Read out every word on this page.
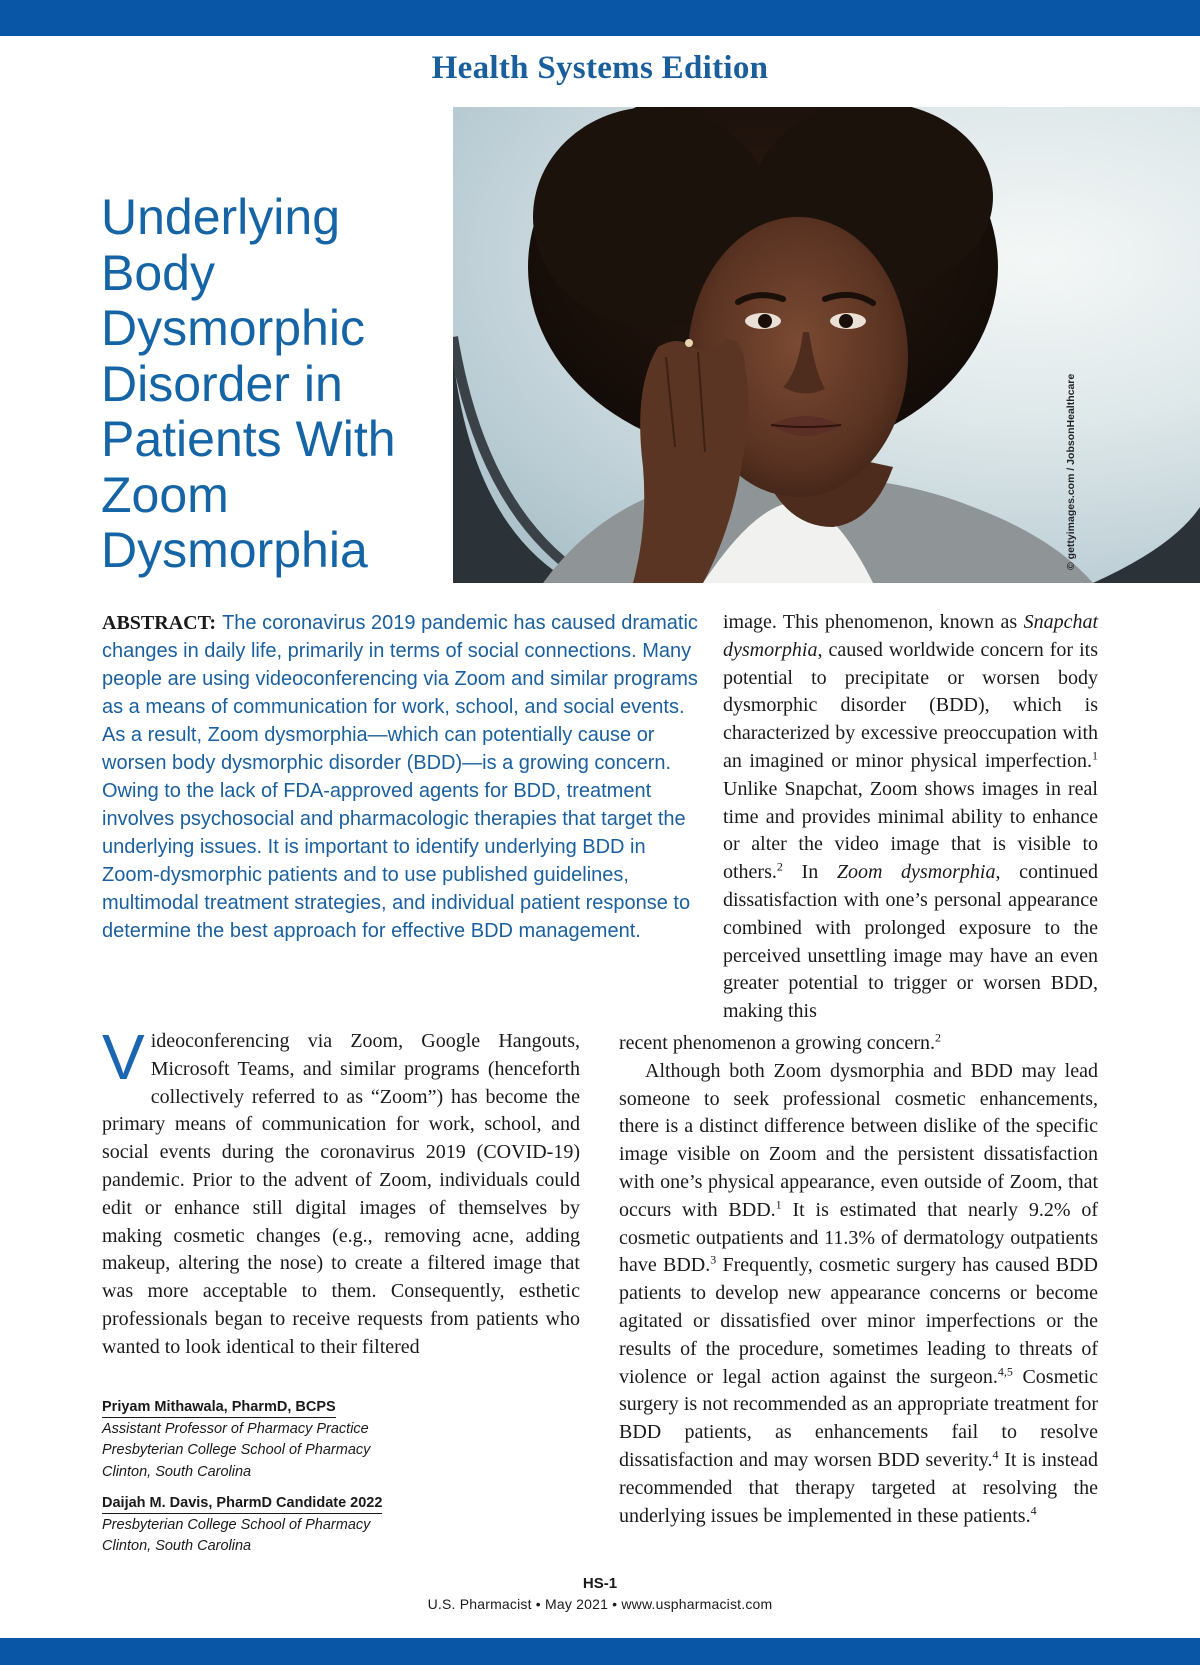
Health Systems Edition
Underlying Body Dysmorphic Disorder in Patients With Zoom Dysmorphia	© gettyimages.com / JobsonHealthcare

ABSTRACT: The coronavirus 2019 pandemic has caused dramatic changes in daily life, primarily in terms of social connections. Many people are using videoconferencing via Zoom and similar programs as a means of communication for work, school, and social events. As a result, Zoom dysmorphia—which can potentially cause or worsen body dysmorphic disorder (BDD)—is a growing concern. Owing to the lack of FDA-approved agents for BDD, treatment involves psychosocial and pharmacologic therapies that target the underlying issues. It is important to identify underlying BDD in Zoom-dysmorphic patients and to use published guidelines, multimodal treatment strategies, and individual patient response to determine the best approach for effective BDD management.

Videoconferencing via Zoom, Google Hangouts, Microsoft Teams, and similar programs (henceforth collectively referred to as “Zoom”) has become the primary means of communication for work, school, and social events during the coronavirus 2019 (COVID-19) pandemic. Prior to the advent of Zoom, individuals could edit or enhance still digital images of themselves by making cosmetic changes (e.g., removing acne, adding makeup, altering the nose) to create a filtered image that was more acceptable to them. Consequently, esthetic professionals began to receive requests from patients who wanted to look identical to their filtered

image. This phenomenon, known as Snapchat dysmorphia, caused worldwide concern for its potential to precipitate or worsen body dysmorphic disorder (BDD), which is characterized by excessive preoccupation with an imagined or minor physical imperfection.$^1$ Unlike Snapchat, Zoom shows images in real time and provides minimal ability to enhance or alter the video image that is visible to others.$^2$ In Zoom dysmorphia, continued dissatisfaction with one’s personal appearance combined with prolonged exposure to the perceived unsettling image may have an even greater potential to trigger or worsen BDD, making this

recent phenomenon a growing concern.$^2$

Although both Zoom dysmorphia and BDD may lead someone to seek professional cosmetic enhancements, there is a distinct difference between dislike of the specific image visible on Zoom and the persistent dissatisfaction with one’s physical appearance, even outside of Zoom, that occurs with BDD.$^1$ It is estimated that nearly 9.2% of cosmetic outpatients and 11.3% of dermatology outpatients have BDD.$^3$ Frequently, cosmetic surgery has caused BDD patients to develop new appearance concerns or become agitated or dissatisfied over minor imperfections or the results of the procedure, sometimes leading to threats of violence or legal action against the surgeon.$^{4,5}$ Cosmetic surgery is not recommended as an appropriate treatment for BDD patients, as enhancements fail to resolve dissatisfaction and may worsen BDD severity.$^4$ It is instead recommended that therapy targeted at resolving the underlying issues be implemented in these patients.$^4$

Priyam Mithawala, PharmD, BCPS
Assistant Professor of Pharmacy Practice
Presbyterian College School of Pharmacy
Clinton, South Carolina
Daijah M. Davis, PharmD Candidate 2022
Presbyterian College School of Pharmacy
Clinton, South Carolina
HS-1
U.S. Pharmacist • May 2021 • www.uspharmacist.com
